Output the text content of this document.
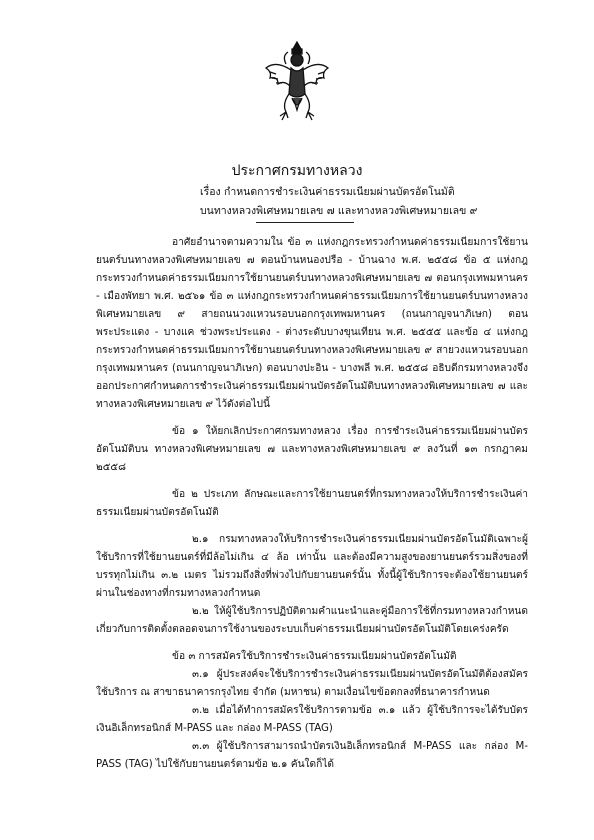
ประกาศกรมทางหลวง
เรื่อง กำหนดการชำระเงินค่าธรรมเนียมผ่านบัตรอัตโนมัติ
บนทางหลวงพิเศษหมายเลข ๗ และทางหลวงพิเศษหมายเลข ๙

อาศัยอำนาจตามความใน ข้อ ๓ แห่งกฎกระทรวงกำหนดค่าธรรมเนียมการใช้ยานยนตร์บนทางหลวงพิเศษหมายเลข ๗ ตอนบ้านหนองปรือ - บ้านฉาง พ.ศ. ๒๕๕๘ ข้อ ๕ แห่งกฎกระทรวงกำหนดค่าธรรมเนียมการใช้ยานยนตร์บนทางหลวงพิเศษหมายเลข ๗ ตอนกรุงเทพมหานคร - เมืองพัทยา พ.ศ. ๒๕๖๑ ข้อ ๓ แห่งกฎกระทรวงกำหนดค่าธรรมเนียมการใช้ยานยนตร์บนทางหลวงพิเศษหมายเลข ๙ สายถนนวงแหวนรอบนอกกรุงเทพมหานคร (ถนนกาญจนาภิเษก) ตอนพระประแดง - บางแค ช่วงพระประแดง - ต่างระดับบางขุนเทียน พ.ศ. ๒๕๕๕ และข้อ ๔ แห่งกฎกระทรวงกำหนดค่าธรรมเนียมการใช้ยานยนตร์บนทางหลวงพิเศษหมายเลข ๙ สายวงแหวนรอบนอกกรุงเทพมหานคร (ถนนกาญจนาภิเษก) ตอนบางปะอิน - บางพลี พ.ศ. ๒๕๕๘ อธิบดีกรมทางหลวงจึงออกประกาศกำหนดการชำระเงินค่าธรรมเนียมผ่านบัตรอัตโนมัติบนทางหลวงพิเศษหมายเลข ๗ และทางหลวงพิเศษหมายเลข ๙ ไว้ดังต่อไปนี้

ข้อ ๑ ให้ยกเลิกประกาศกรมทางหลวง เรื่อง การชำระเงินค่าธรรมเนียมผ่านบัตรอัตโนมัติบน ทางหลวงพิเศษหมายเลข ๗ และทางหลวงพิเศษหมายเลข ๙ ลงวันที่ ๑๓ กรกฎาคม ๒๕๕๘

ข้อ ๒ ประเภท ลักษณะและการใช้ยานยนตร์ที่กรมทางหลวงให้บริการชำระเงินค่าธรรมเนียมผ่านบัตรอัตโนมัติ

๒.๑ กรมทางหลวงให้บริการชำระเงินค่าธรรมเนียมผ่านบัตรอัตโนมัติเฉพาะผู้ใช้บริการที่ใช้ยานยนตร์ที่มีล้อไม่เกิน ๔ ล้อ เท่านั้น และต้องมีความสูงของยานยนตร์รวมสิ่งของที่บรรทุกไม่เกิน ๓.๒ เมตร ไม่รวมถึงสิ่งที่พ่วงไปกับยานยนตร์นั้น ทั้งนี้ผู้ใช้บริการจะต้องใช้ยานยนตร์ผ่านในช่องทางที่กรมทางหลวงกำหนด

๒.๒ ให้ผู้ใช้บริการปฏิบัติตามคำแนะนำและคู่มือการใช้ที่กรมทางหลวงกำหนดเกี่ยวกับการติดตั้งตลอดจนการใช้งานของระบบเก็บค่าธรรมเนียมผ่านบัตรอัตโนมัติโดยเคร่งครัด

ข้อ ๓ การสมัครใช้บริการชำระเงินค่าธรรมเนียมผ่านบัตรอัตโนมัติ

๓.๑ ผู้ประสงค์จะใช้บริการชำระเงินค่าธรรมเนียมผ่านบัตรอัตโนมัติต้องสมัครใช้บริการ ณ สาขาธนาคารกรุงไทย จำกัด (มหาชน) ตามเงื่อนไขข้อตกลงที่ธนาคารกำหนด

๓.๒ เมื่อได้ทำการสมัครใช้บริการตามข้อ ๓.๑ แล้ว ผู้ใช้บริการจะได้รับบัตรเงินอิเล็กทรอนิกส์ M-PASS และ กล่อง M-PASS (TAG)

๓.๓ ผู้ใช้บริการสามารถนำบัตรเงินอิเล็กทรอนิกส์ M-PASS และ กล่อง M-PASS (TAG) ไปใช้กับยานยนตร์ตามข้อ ๒.๑ คันใดก็ได้
